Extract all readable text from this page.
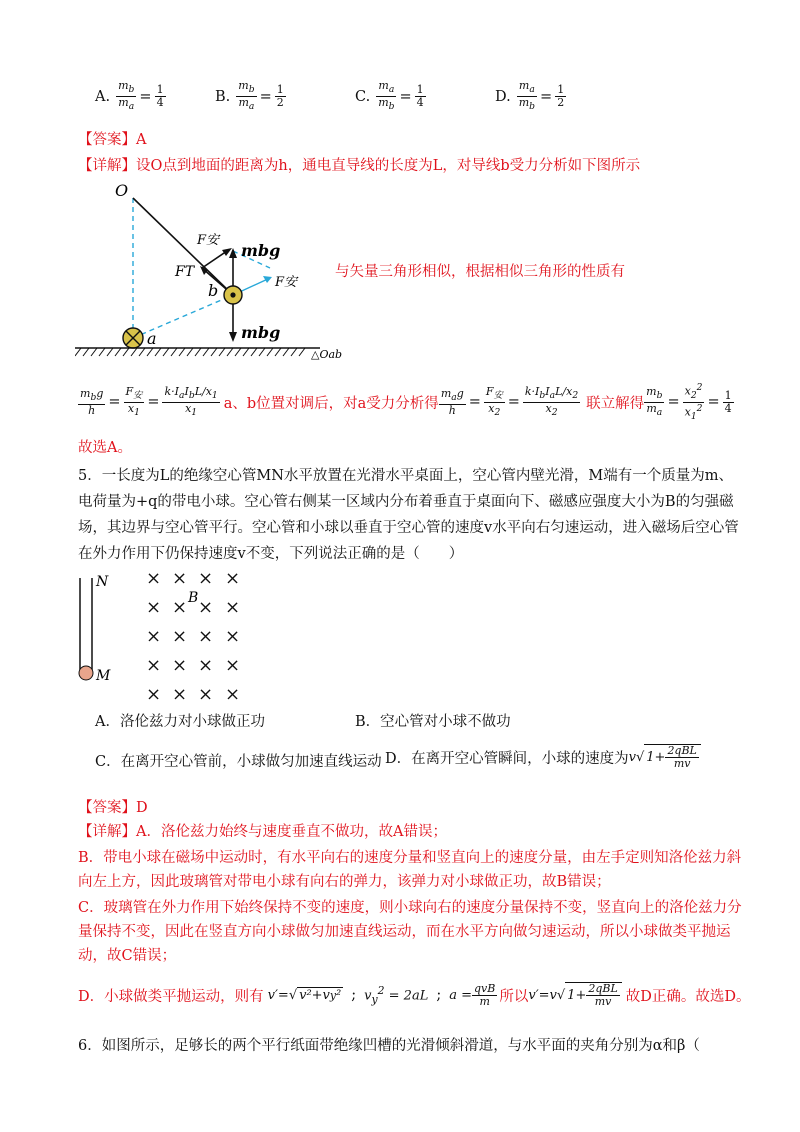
A. $\frac{m_b}{m_a} = \frac{1}{4}$	B. $\frac{m_b}{m_a} = \frac{1}{2}$	C. $\frac{m_a}{m_b} = \frac{1}{4}$	D. $\frac{m_a}{m_b} = \frac{1}{2}$
【答案】A
【详解】设O点到地面的距离为h，通电直导线的长度为L，对导线b受力分析如下图所示
O
F安
mbg
FT
b	F安
a	mbg
△Oab
与矢量三角形相似，根据相似三角形的性质有
$\frac{m_bg}{h} = \frac{F_安}{x_1} = \frac{k\cdot I_aI_bL/x_1}{x_1}$ a、b位置对调后，对a受力分析得 $\frac{m_ag}{h} = \frac{F_安}{x_2} = \frac{k\cdot I_bI_aL/x_2}{x_2}$ 联立解得 $\frac{m_b}{m_a} = \frac{x_2^2}{x_1^2} = \frac{1}{4}$
故选A。
5．一长度为L的绝缘空心管MN水平放置在光滑水平桌面上，空心管内壁光滑，M端有一个质量为m、
电荷量为+q的带电小球。空心管右侧某一区域内分布着垂直于桌面向下、磁感应强度大小为B的匀强磁
场，其边界与空心管平行。空心管和小球以垂直于空心管的速度v水平向右匀速运动，进入磁场后空心管
在外力作用下仍保持速度v不变，下列说法正确的是（　　）
N
M
B
× × × ×
× × × ×
× × × ×
× × × ×
× × × ×
A．洛伦兹力对小球做正功	B．空心管对小球不做功
C．在离开空心管前，小球做匀加速直线运动 D．在离开空心管瞬间，小球的速度为 v√ $1+ \frac{\text{2qBL}}{mv}$
【答案】D
【详解】A．洛伦兹力始终与速度垂直不做功，故A错误；
B．带电小球在磁场中运动时，有水平向右的速度分量和竖直向上的速度分量，由左手定则知洛伦兹力斜
向左上方，因此玻璃管对带电小球有向右的弹力，该弹力对小球做正功，故B错误；
C．玻璃管在外力作用下始终保持不变的速度，则小球向右的速度分量保持不变，竖直向上的洛伦兹力分
量保持不变，因此在竖直方向小球做匀加速直线运动，而在水平方向做匀速运动，所以小球做类平抛运
动，故C错误；
D．小球做类平抛运动，则有 v′=√ v²+v y ² ; $v_y^2 = 2aL$ ; $a = \frac{\text{qvB}}{m}$ 所以 v′=v√ $1+ \frac{\text{2qBL}}{mv}$ 故D正确。故选D。
6．如图所示，足够长的两个平行纸面带绝缘凹槽的光滑倾斜滑道，与水平面的夹角分别为α和β（
